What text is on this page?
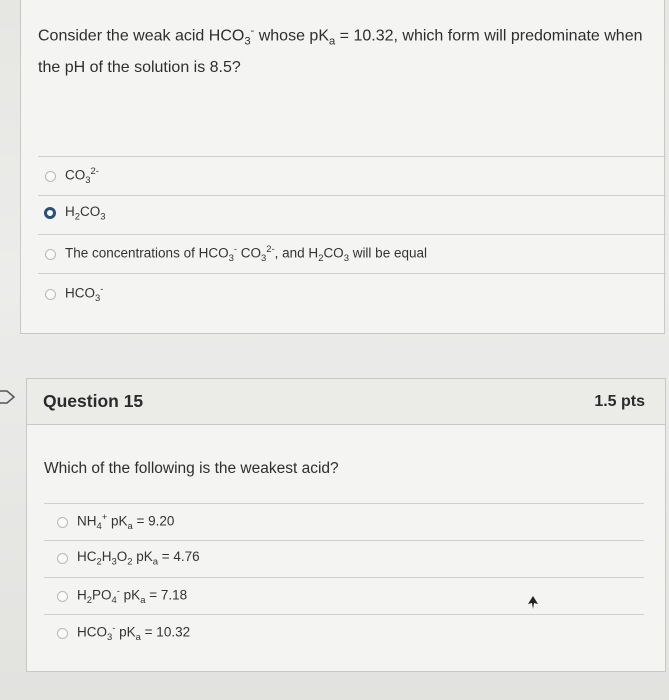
Consider the weak acid $HCO_3^-$ whose $pK_a = 10.32$, which form will predominate when the pH of the solution is 8.5?
$CO_3^{2-}$
$H_2CO_3$
The concentrations of $HCO_3^-$ $CO_3^{2-}$, and $H_2CO_3$ will be equal
$HCO_3^-$
Question 15	1.5 pts
Which of the following is the weakest acid?
$NH_4^+$ $pK_a = 9.20$
$HC_2H_3O_2$ $pK_a = 4.76$
$H_2PO_4^-$ $pK_a = 7.18$
$HCO_3^-$ $pK_a = 10.32$
